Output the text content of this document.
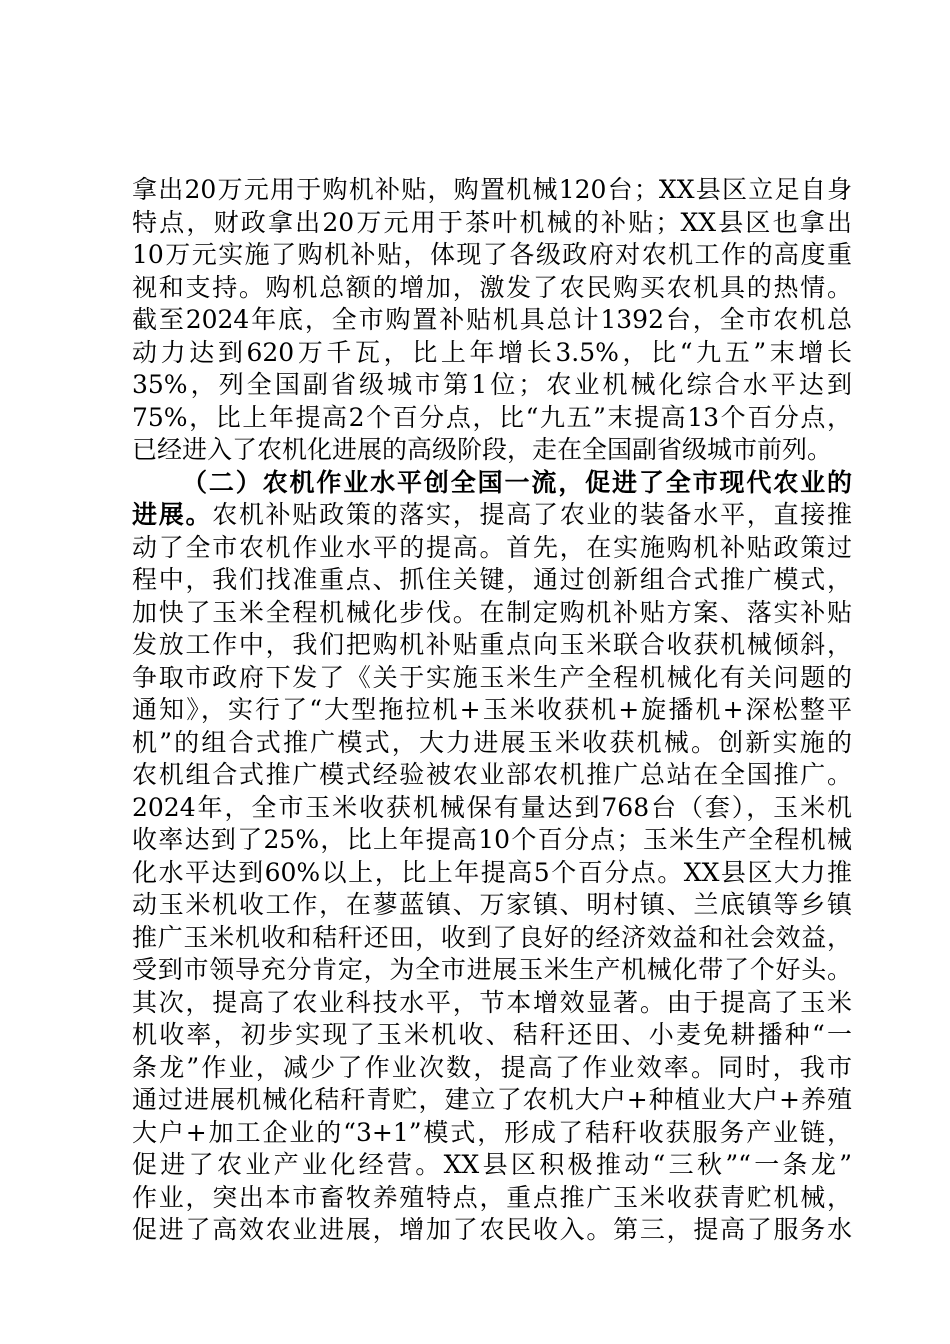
拿出20万元用于购机补贴，购置机械120台；XX县区立足自身
特点，财政拿出20万元用于茶叶机械的补贴；XX县区也拿出
10万元实施了购机补贴，体现了各级政府对农机工作的高度重
视和支持。购机总额的增加，激发了农民购买农机具的热情。
截至2024年底，全市购置补贴机具总计1392台，全市农机总
动力达到620万千瓦，比上年增长3.5%，比“九五”末增长
35%，列全国副省级城市第1位；农业机械化综合水平达到
75%，比上年提高2个百分点，比“九五”末提高13个百分点，
已经进入了农机化进展的高级阶段，走在全国副省级城市前列。
（二）农机作业水平创全国一流，促进了全市现代农业的
进展。农机补贴政策的落实，提高了农业的装备水平，直接推
动了全市农机作业水平的提高。首先，在实施购机补贴政策过
程中，我们找准重点、抓住关键，通过创新组合式推广模式，
加快了玉米全程机械化步伐。在制定购机补贴方案、落实补贴
发放工作中，我们把购机补贴重点向玉米联合收获机械倾斜，
争取市政府下发了《关于实施玉米生产全程机械化有关问题的
通知》，实行了“大型拖拉机+玉米收获机+旋播机+深松整平
机”的组合式推广模式，大力进展玉米收获机械。创新实施的
农机组合式推广模式经验被农业部农机推广总站在全国推广。
2024年，全市玉米收获机械保有量达到768台（套），玉米机
收率达到了25%，比上年提高10个百分点；玉米生产全程机械
化水平达到60%以上，比上年提高5个百分点。XX县区大力推
动玉米机收工作，在蓼蓝镇、万家镇、明村镇、兰底镇等乡镇
推广玉米机收和秸秆还田，收到了良好的经济效益和社会效益，
受到市领导充分肯定，为全市进展玉米生产机械化带了个好头。
其次，提高了农业科技水平，节本增效显著。由于提高了玉米
机收率，初步实现了玉米机收、秸秆还田、小麦免耕播种“一
条龙”作业，减少了作业次数，提高了作业效率。同时，我市
通过进展机械化秸秆青贮，建立了农机大户+种植业大户+养殖
大户+加工企业的“3+1”模式，形成了秸秆收获服务产业链，
促进了农业产业化经营。XX县区积极推动“三秋”“一条龙”
作业，突出本市畜牧养殖特点，重点推广玉米收获青贮机械，
促进了高效农业进展，增加了农民收入。第三，提高了服务水
